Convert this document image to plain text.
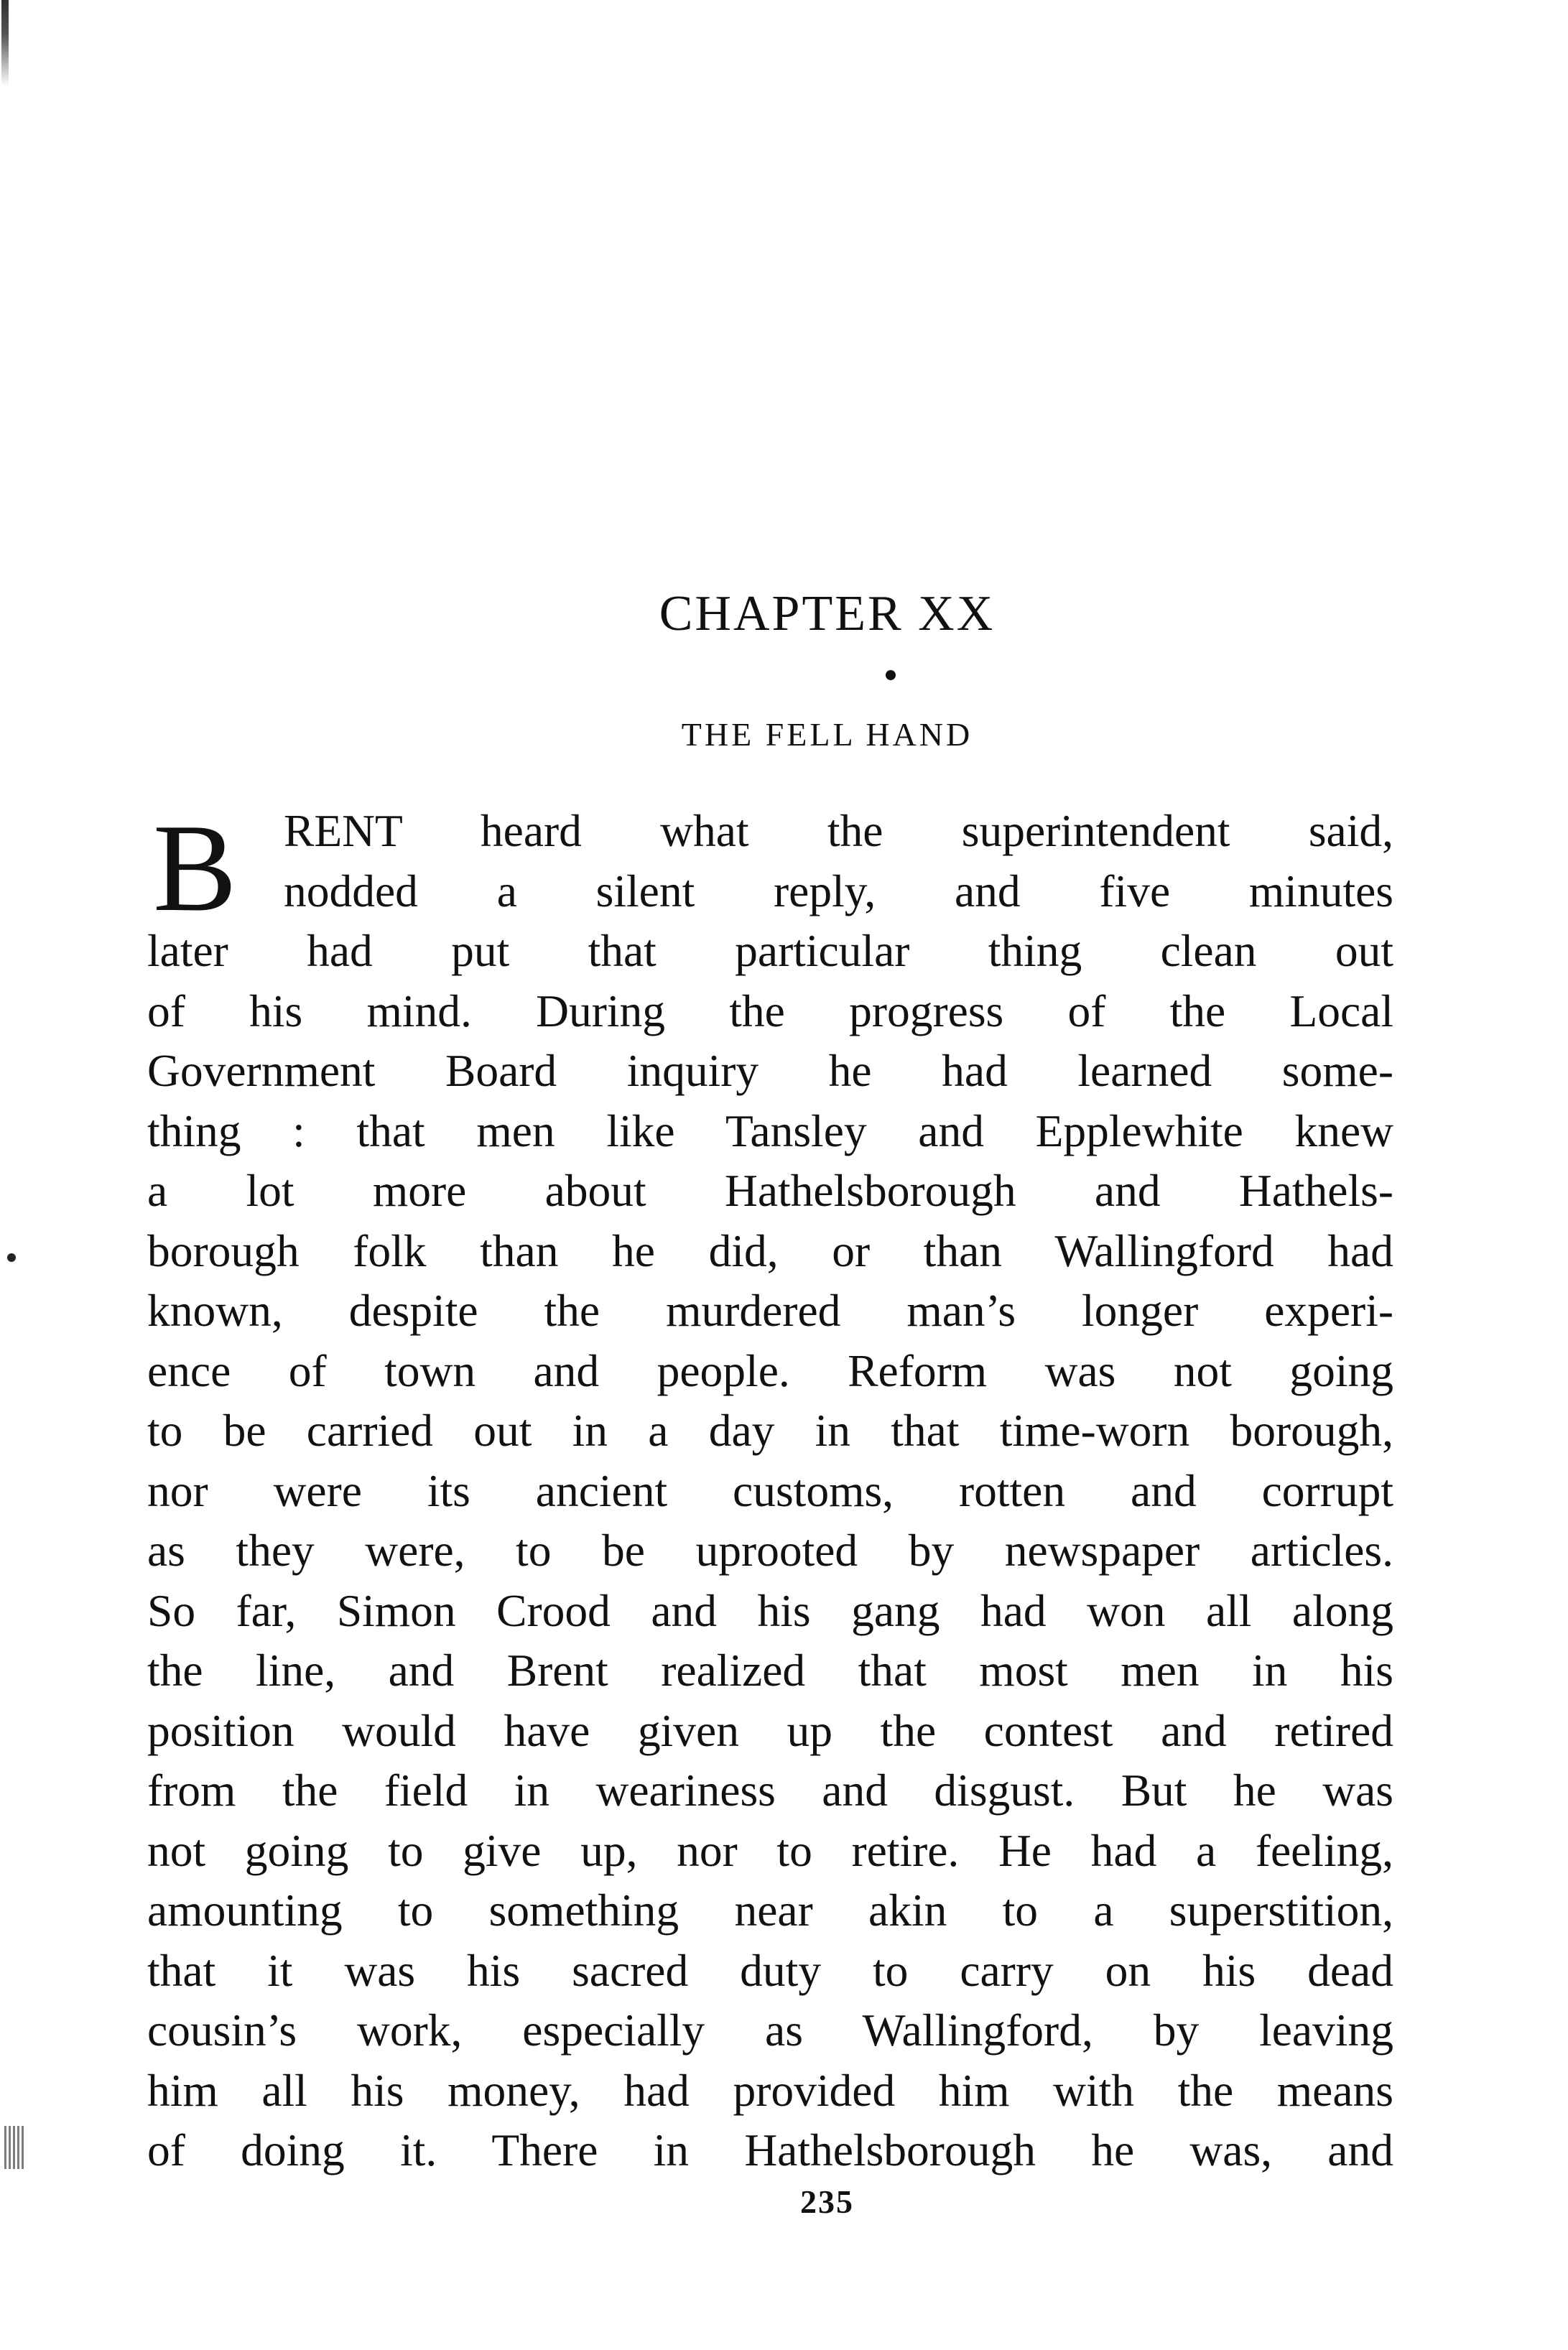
CHAPTER XX
THE FELL HAND
B RENT heard what the superintendent said,
nodded a silent reply, and five minutes
later had put that particular thing clean out
of his mind. During the progress of the Local
Government Board inquiry he had learned some-
thing : that men like Tansley and Epplewhite knew
a lot more about Hathelsborough and Hathels-
borough folk than he did, or than Wallingford had
known, despite the murdered man’s longer experi-
ence of town and people. Reform was not going
to be carried out in a day in that time-worn borough,
nor were its ancient customs, rotten and corrupt
as they were, to be uprooted by newspaper articles.
So far, Simon Crood and his gang had won all along
the line, and Brent realized that most men in his
position would have given up the contest and retired
from the field in weariness and disgust. But he was
not going to give up, nor to retire. He had a feeling,
amounting to something near akin to a superstition,
that it was his sacred duty to carry on his dead
cousin’s work, especially as Wallingford, by leaving
him all his money, had provided him with the means
of doing it. There in Hathelsborough he was, and
235
